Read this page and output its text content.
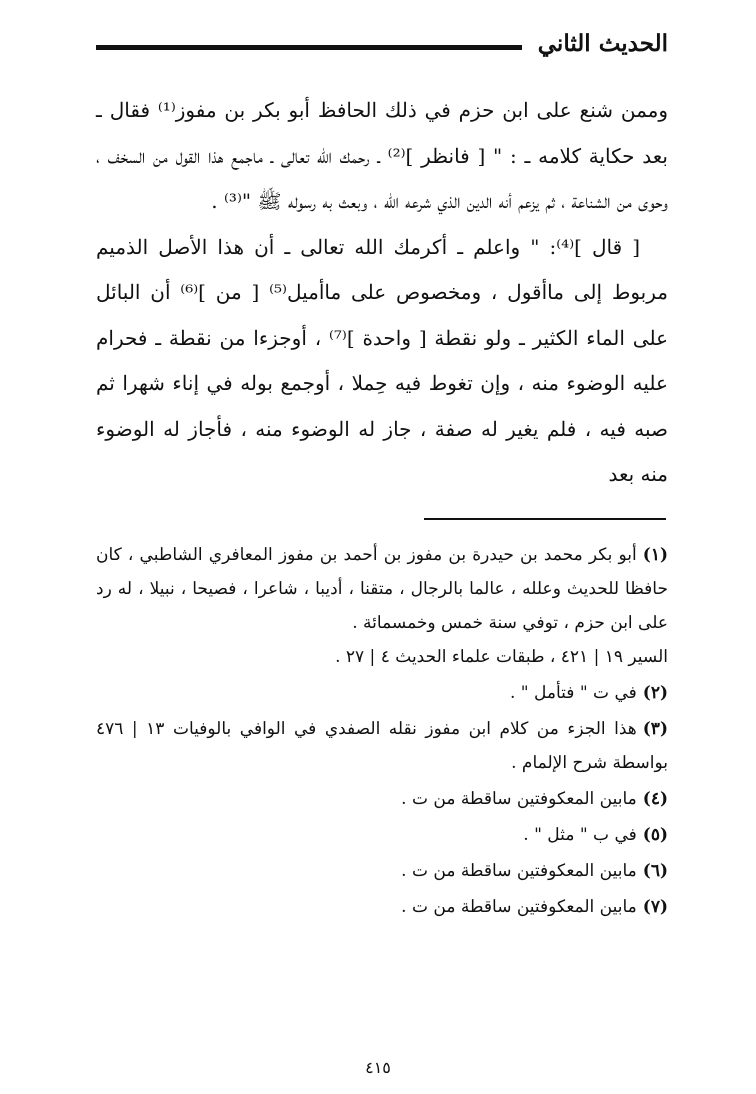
الحديث الثاني

وممن شنع على ابن حزم في ذلك الحافظ أبو بكر بن مفوز⁽¹⁾ فقال ـ بعد حكاية كلامه ـ : " [ فانظر ]⁽²⁾ ـ رحمك الله تعالى ـ ماجمع هذا القول من السخف ، وحوى من الشناعة ، ثم يزعم أنه الدين الذي شرعه الله ، وبعث به رسوله ﷺ "⁽³⁾ .

[ قال ]⁽⁴⁾: " واعلم ـ أكرمك الله تعالى ـ أن هذا الأصل الذميم مربوط إلى ماأقول ، ومخصوص على ماأميل⁽⁵⁾ [ من ]⁽⁶⁾ أن البائل على الماء الكثير ـ ولو نقطة [ واحدة ]⁽⁷⁾ ، أوجزءا من نقطة ـ فحرام عليه الوضوء منه ، وإن تغوط فيه حِملا ، أوجمع بوله في إناء شهرا ثم صبه فيه ، فلم يغير له صفة ، جاز له الوضوء منه ، فأجاز له الوضوء منه بعد

(١)أبو بكر محمد بن حيدرة بن مفوز بن أحمد بن مفوز المعافري الشاطبي ، كان حافظا للحديث وعلله ، عالما بالرجال ، متقنا ، أديبا ، شاعرا ، فصيحا ، نبيلا ، له رد على ابن حزم ، توفي سنة خمس وخمسمائة .

السير ١٩ | ٤٢١ ، طبقات علماء الحديث ٤ | ٢٧ .

(٢)في ت " فتأمل " .

(٣)هذا الجزء من كلام ابن مفوز نقله الصفدي في الوافي بالوفيات ١٣ | ٤٧٦ بواسطة شرح الإلمام .

(٤)مابين المعكوفتين ساقطة من ت .

(٥)في ب " مثل " .

(٦)مابين المعكوفتين ساقطة من ت .

(٧)مابين المعكوفتين ساقطة من ت .

٤١٥
